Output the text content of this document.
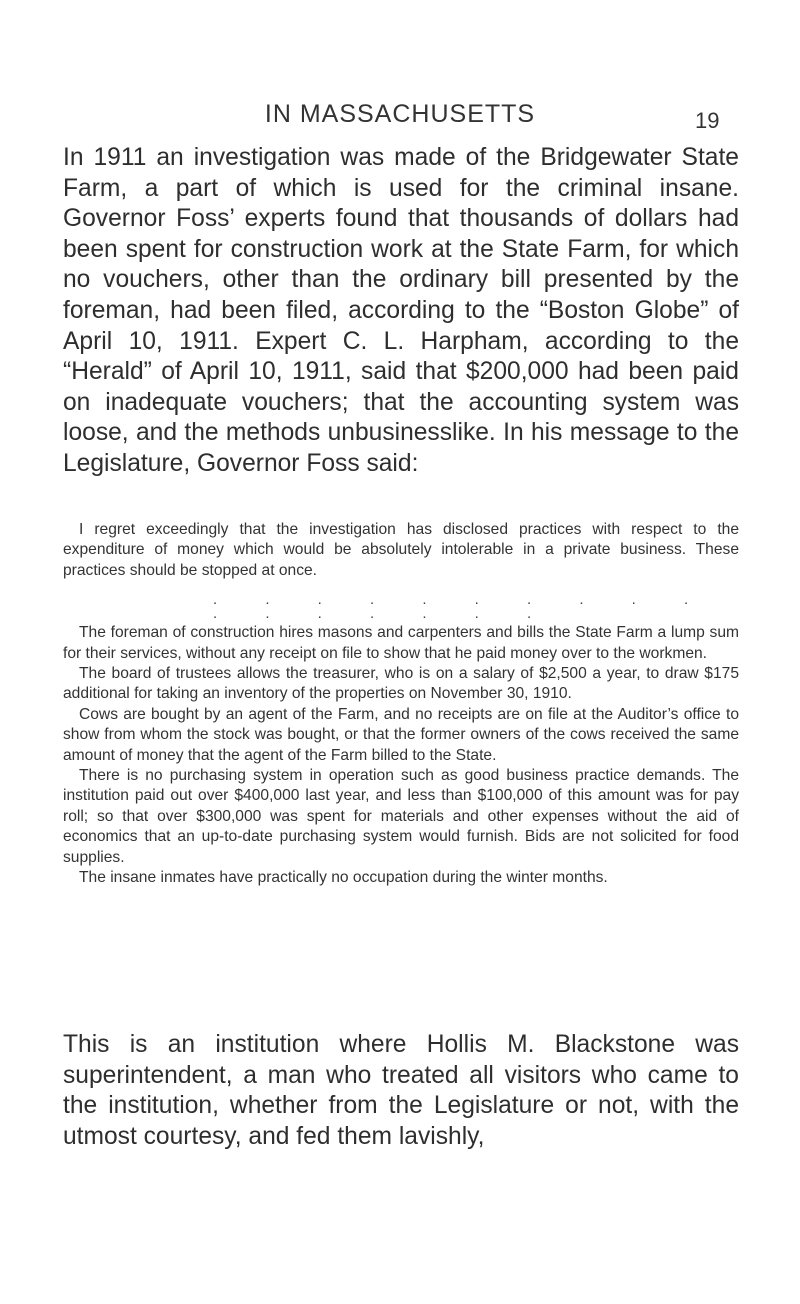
IN MASSACHUSETTS	19
In 1911 an investigation was made of the Bridgewater State Farm, a part of which is used for the criminal insane. Governor Foss’ experts found that thousands of dollars had been spent for construction work at the State Farm, for which no vouchers, other than the ordinary bill presented by the foreman, had been filed, according to the “Boston Globe” of April 10, 1911. Expert C. L. Harpham, according to the “Herald” of April 10, 1911, said that $200,000 had been paid on inadequate vouchers; that the accounting system was loose, and the methods unbusinesslike. In his message to the Legislature, Governor Foss said:

I regret exceedingly that the investigation has disclosed practices with respect to the expenditure of money which would be absolutely intolerable in a private business. These practices should be stopped at once.

. . . . . . . . . . . . . . . . .

The foreman of construction hires masons and carpenters and bills the State Farm a lump sum for their services, without any receipt on file to show that he paid money over to the workmen.

The board of trustees allows the treasurer, who is on a salary of $2,500 a year, to draw $175 additional for taking an inventory of the properties on November 30, 1910.

Cows are bought by an agent of the Farm, and no receipts are on file at the Auditor’s office to show from whom the stock was bought, or that the former owners of the cows received the same amount of money that the agent of the Farm billed to the State.

There is no purchasing system in operation such as good business practice demands. The institution paid out over $400,000 last year, and less than $100,000 of this amount was for pay roll; so that over $300,000 was spent for materials and other expenses without the aid of economics that an up-to-date purchasing system would furnish. Bids are not solicited for food supplies.

The insane inmates have practically no occupation during the winter months.

This is an institution where Hollis M. Blackstone was superintendent, a man who treated all visitors who came to the institution, whether from the Legislature or not, with the utmost courtesy, and fed them lavishly,
